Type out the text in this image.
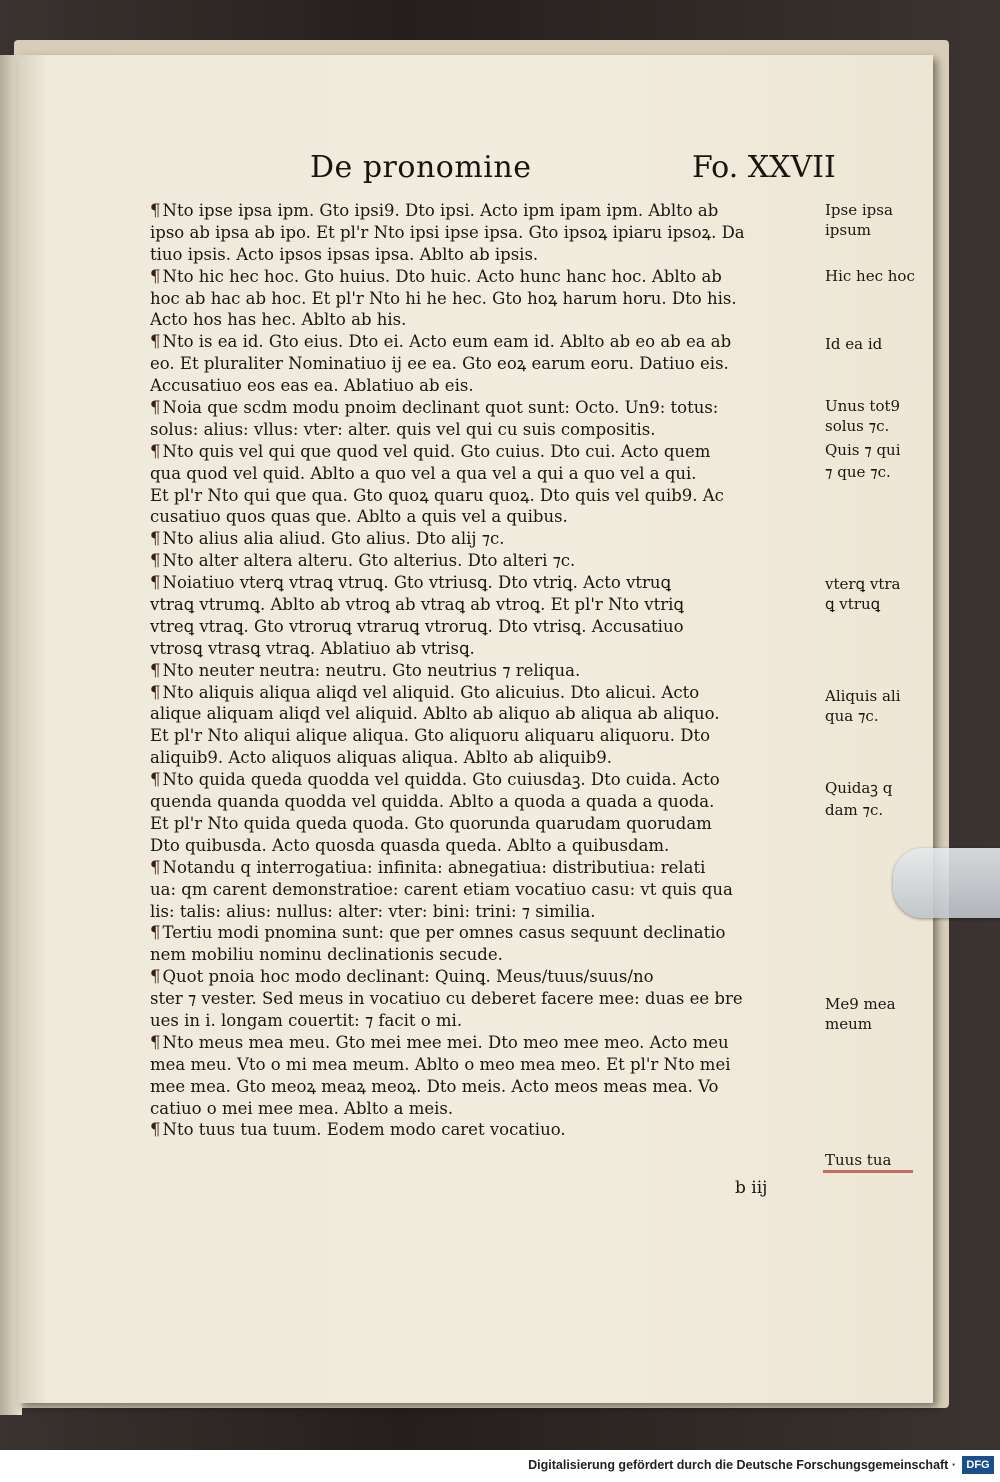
De pronomine	Fo. XXVII
¶ Nto ipse ipsa ipm. Gto ipsi9. Dto ipsi. Acto ipm ipam ipm. Ablto ab
ipso ab ipsa ab ipo. Et pl'r Nto ipsi ipse ipsa. Gto ipsoꝝ ipiaru ipsoꝝ. Da
tiuo ipsis. Acto ipsos ipsas ipsa. Ablto ab ipsis.
¶ Nto hic hec hoc. Gto huius. Dto huic. Acto hunc hanc hoc. Ablto ab
hoc ab hac ab hoc. Et pl'r Nto hi he hec. Gto hoꝝ harum horu. Dto his.
Acto hos has hec. Ablto ab his.
¶ Nto is ea id. Gto eius. Dto ei. Acto eum eam id. Ablto ab eo ab ea ab
eo. Et pluraliter Nominatiuo ij ee ea. Gto eoꝝ earum eoru. Datiuo eis.
Accusatiuo eos eas ea. Ablatiuo ab eis.
¶ Noia que scdm modu pnoim declinant quot sunt: Octo. Un9: totus:
solus: alius: vllus: vter: alter. quis vel qui cu suis compositis.
¶ Nto quis vel qui que quod vel quid. Gto cuius. Dto cui. Acto quem
qua quod vel quid. Ablto a quo vel a qua vel a qui a quo vel a qui.
Et pl'r Nto qui que qua. Gto quoꝝ quaru quoꝝ. Dto quis vel quib9. Ac
cusatiuo quos quas que. Ablto a quis vel a quibus.
¶ Nto alius alia aliud. Gto alius. Dto alij ⁊c.
¶ Nto alter altera alteru. Gto alterius. Dto alteri ⁊c.
¶ Noiatiuo vterꝗ vtraꝗ vtruꝗ. Gto vtriusꝗ. Dto vtriꝗ. Acto vtruꝗ
vtraꝗ vtrumꝗ. Ablto ab vtroꝗ ab vtraꝗ ab vtroꝗ. Et pl'r Nto vtriꝗ
vtreꝗ vtraꝗ. Gto vtroruꝗ vtraruꝗ vtroruꝗ. Dto vtrisꝗ. Accusatiuo
vtrosꝗ vtrasꝗ vtraꝗ. Ablatiuo ab vtrisꝗ.
¶ Nto neuter neutra: neutru. Gto neutrius ⁊ reliqua.
¶ Nto aliquis aliqua aliqd vel aliquid. Gto alicuius. Dto alicui. Acto
alique aliquam aliqd vel aliquid. Ablto ab aliquo ab aliqua ab aliquo.
Et pl'r Nto aliqui alique aliqua. Gto aliquoru aliquaru aliquoru. Dto
aliquib9. Acto aliquos aliquas aliqua. Ablto ab aliquib9.
¶ Nto quida queda quodda vel quidda. Gto cuiusdaꝫ. Dto cuida. Acto
quenda quanda quodda vel quidda. Ablto a quoda a quada a quoda.
Et pl'r Nto quida queda quoda. Gto quorunda quarudam quorudam
Dto quibusda. Acto quosda quasda queda. Ablto a quibusdam.
¶ Notandu q interrogatiua: infinita: abnegatiua: distributiua: relati
ua: qm carent demonstratioe: carent etiam vocatiuo casu: vt quis qua
lis: talis: alius: nullus: alter: vter: bini: trini: ⁊ similia.
¶ Tertiu modi pnomina sunt: que per omnes casus sequunt declinatio
nem mobiliu nominu declinationis secude.
¶ Quot pnoia hoc modo declinant: Quinꝗ. Meus/tuus/suus/no
ster ⁊ vester. Sed meus in vocatiuo cu deberet facere mee: duas ee bre
ues in i. longam couertit: ⁊ facit o mi.
¶ Nto meus mea meu. Gto mei mee mei. Dto meo mee meo. Acto meu
mea meu. Vto o mi mea meum. Ablto o meo mea meo. Et pl'r Nto mei
mee mea. Gto meoꝝ meaꝝ meoꝝ. Dto meis. Acto meos meas mea. Vo
catiuo o mei mee mea. Ablto a meis.
¶ Nto tuus tua tuum. Eodem modo caret vocatiuo.
Ipse ipsa
ipsum
Hic hec hoc
Id ea id
Unus tot9
solus ⁊c.
Quis ⁊ qui
⁊ que ⁊c.
vterꝗ vtra
ꝗ vtruꝗ
Aliquis ali
qua ⁊c.
Quidaꝫ q
dam ⁊c.
Me9 mea
meum
Tuus tua
b iij
Digitalisierung gefördert durch die Deutsche Forschungsgemeinschaft · DFG
